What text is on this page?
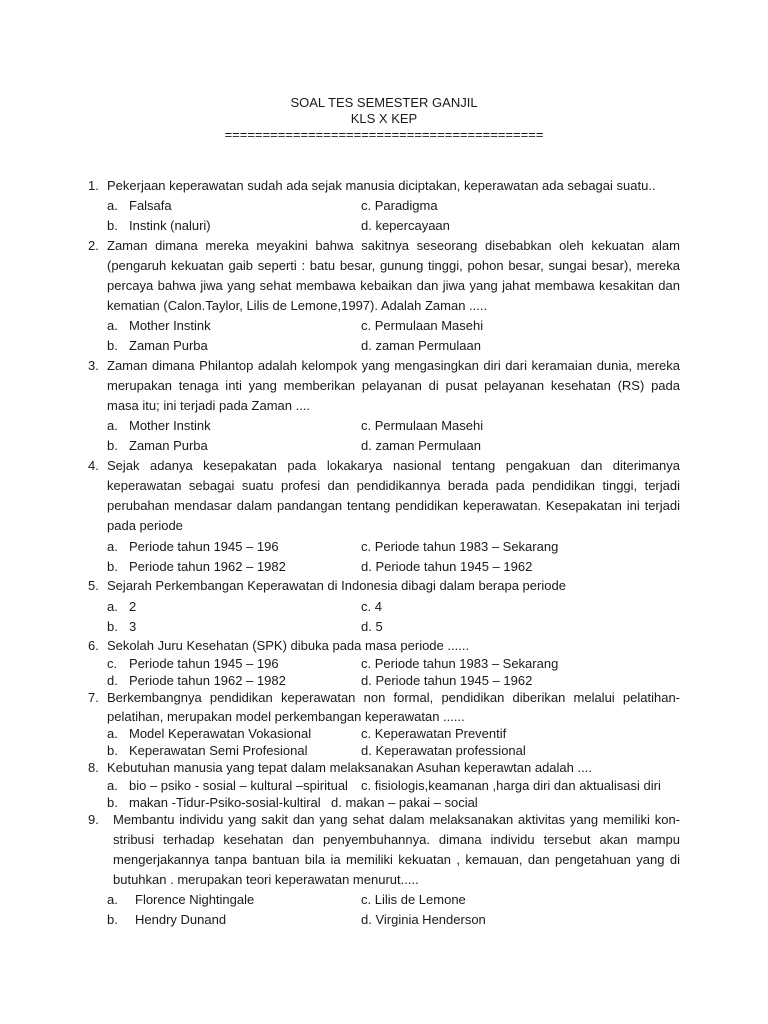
SOAL TES SEMESTER GANJIL
KLS X KEP
==========================================
1. Pekerjaan keperawatan sudah ada sejak manusia diciptakan, keperawatan ada sebagai suatu..
a. Falsafa	c. Paradigma
b. Instink (naluri)	d. kepercayaan
2. Zaman dimana mereka meyakini bahwa sakitnya seseorang disebabkan oleh kekuatan alam (pengaruh kekuatan gaib seperti : batu besar, gunung tinggi, pohon besar, sungai besar), mereka percaya bahwa jiwa yang sehat membawa kebaikan dan jiwa yang jahat membawa kesakitan dan kematian (Calon.Taylor, Lilis de Lemone,1997). Adalah Zaman .....
a. Mother Instink	c. Permulaan Masehi
b. Zaman Purba	d. zaman Permulaan
3. Zaman dimana Philantop adalah kelompok yang mengasingkan diri dari keramaian dunia, mereka merupakan tenaga inti yang memberikan pelayanan di pusat pelayanan kesehatan (RS) pada masa itu; ini terjadi pada Zaman ....
a. Mother Instink	c. Permulaan Masehi
b. Zaman Purba	d. zaman Permulaan
4. Sejak adanya kesepakatan pada lokakarya nasional tentang pengakuan dan diterimanya keperawatan sebagai suatu profesi dan pendidikannya berada pada pendidikan tinggi, terjadi perubahan mendasar dalam pandangan tentang pendidikan keperawatan. Kesepakatan ini terjadi pada periode
a. Periode tahun 1945 – 196	c. Periode tahun 1983 – Sekarang
b. Periode tahun 1962 – 1982	d. Periode tahun 1945 – 1962
5. Sejarah Perkembangan Keperawatan di Indonesia dibagi dalam berapa periode
a. 2	c. 4
b. 3	d. 5
6. Sekolah Juru Kesehatan (SPK) dibuka pada masa periode ......
c. Periode tahun 1945 – 196	c. Periode tahun 1983 – Sekarang
d. Periode tahun 1962 – 1982	d. Periode tahun 1945 – 1962
7. Berkembangnya pendidikan keperawatan non formal, pendidikan diberikan melalui pelatihan-pelatihan, merupakan model perkembangan keperawatan ......
a. Model Keperawatan Vokasional	c. Keperawatan Preventif
b. Keperawatan Semi Profesional	d. Keperawatan professional
8. Kebutuhan manusia yang tepat dalam melaksanakan Asuhan keperawtan adalah ....
a. bio – psiko - sosial – kultural –spiritual c. fisiologis,keamanan ,harga diri dan aktualisasi diri
b. makan -Tidur-Psiko-sosial-kultiral d. makan – pakai – social
9. Membantu individu yang sakit dan yang sehat dalam melaksanakan aktivitas yang memiliki kon-stribusi terhadap kesehatan dan penyembuhannya. dimana individu tersebut akan mampu mengerjakannya tanpa bantuan bila ia memiliki kekuatan , kemauan, dan pengetahuan yang di butuhkan . merupakan teori keperawatan menurut.....
a. Florence Nightingale	c. Lilis de Lemone
b. Hendry Dunand	d. Virginia Henderson
